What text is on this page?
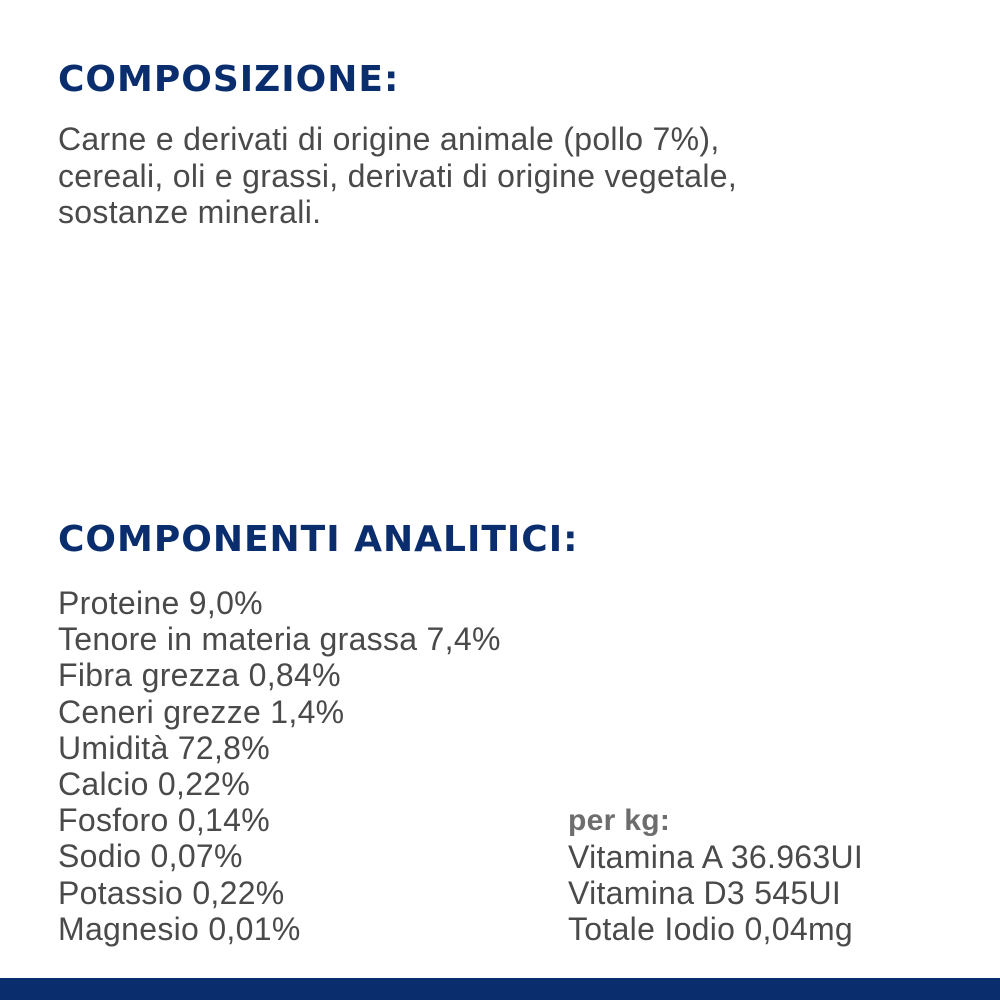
COMPOSIZIONE:

Carne e derivati di origine animale (pollo 7%),
cereali, oli e grassi, derivati di origine vegetale,
sostanze minerali.

COMPONENTI ANALITICI:
Proteine 9,0%
Tenore in materia grassa 7,4%
Fibra grezza 0,84%
Ceneri grezze 1,4%
Umidità 72,8%
Calcio 0,22%
Fosforo 0,14%
Sodio 0,07%
Potassio 0,22%
Magnesio 0,01%

per kg:

Vitamina A 36.963UI
Vitamina D3 545UI
Totale Iodio 0,04mg
